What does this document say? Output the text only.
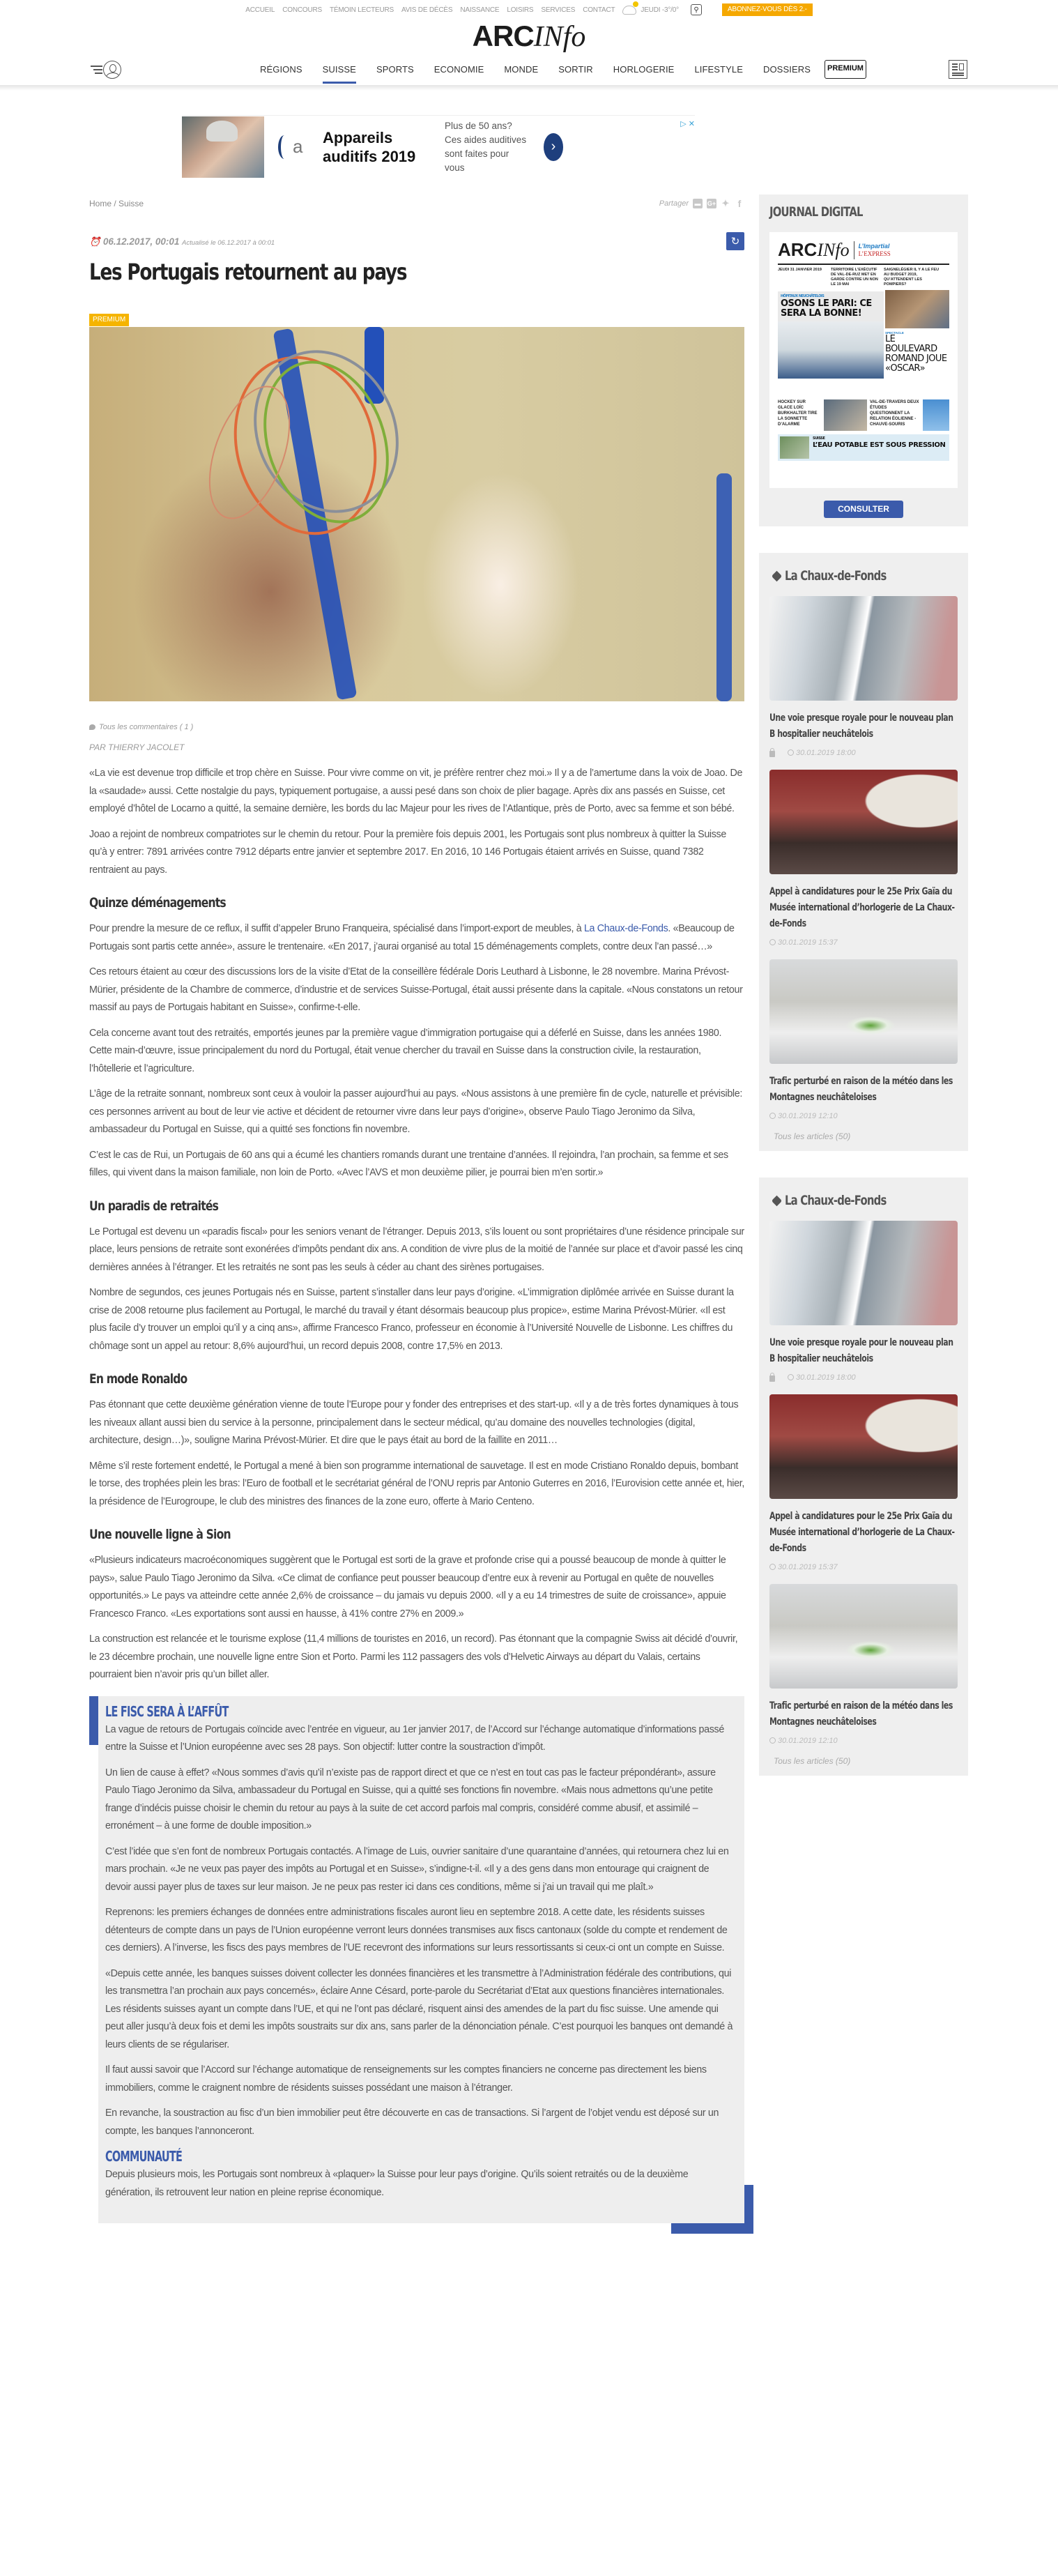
ACCUEIL CONCOURS TÉMOIN LECTEURS AVIS DE DÉCÈS NAISSANCE LOISIRS SERVICES CONTACT	JEUDI -3°/0° ⚲	ABONNEZ-VOUS DÈS 2.-
ARCINfo
RÉGIONS SUISSE SPORTS ECONOMIE MONDE SORTIR HORLOGERIE LIFESTYLE DOSSIERS	PREMIUM
a Appareils auditifs 2019
Plus de 50 ans? Ces aides auditives sont faites pour vous
›
▷ ✕
Home / Suisse	Partager ▬ G+ ✦ f
↻
⏰ 06.12.2017, 00:01 Actualisé le 06.12.2017 à 00:01
Les Portugais retournent au pays
PREMIUM
Tous les commentaires ( 1 )
PAR THIERRY JACOLET

«La vie est devenue trop difficile et trop chère en Suisse. Pour vivre comme on vit, je préfère rentrer chez moi.» Il y a de l’amertume dans la voix de Joao. De la «saudade» aussi. Cette nostalgie du pays, typiquement portugaise, a aussi pesé dans son choix de plier bagage. Après dix ans passés en Suisse, cet employé d’hôtel de Locarno a quitté, la semaine dernière, les bords du lac Majeur pour les rives de l’Atlantique, près de Porto, avec sa femme et son bébé.

Joao a rejoint de nombreux compatriotes sur le chemin du retour. Pour la première fois depuis 2001, les Portugais sont plus nombreux à quitter la Suisse qu’à y entrer: 7891 arrivées contre 7912 départs entre janvier et septembre 2017. En 2016, 10 146 Portugais étaient arrivés en Suisse, quand 7382 rentraient au pays.

Quinze déménagements

Pour prendre la mesure de ce reflux, il suffit d’appeler Bruno Franqueira, spécialisé dans l’import-export de meubles, à La Chaux-de-Fonds. «Beaucoup de Portugais sont partis cette année», assure le trentenaire. «En 2017, j’aurai organisé au total 15 déménagements complets, contre deux l’an passé…»

Ces retours étaient au cœur des discussions lors de la visite d’Etat de la conseillère fédérale Doris Leuthard à Lisbonne, le 28 novembre. Marina Prévost-Mürier, présidente de la Chambre de commerce, d’industrie et de services Suisse-Portugal, était aussi présente dans la capitale. «Nous constatons un retour massif au pays de Portugais habitant en Suisse», confirme-t-elle.

Cela concerne avant tout des retraités, emportés jeunes par la première vague d’immigration portugaise qui a déferlé en Suisse, dans les années 1980. Cette main-d’œuvre, issue principalement du nord du Portugal, était venue chercher du travail en Suisse dans la construction civile, la restauration, l’hôtellerie et l’agriculture.

L’âge de la retraite sonnant, nombreux sont ceux à vouloir la passer aujourd’hui au pays. «Nous assistons à une première fin de cycle, naturelle et prévisible: ces personnes arrivent au bout de leur vie active et décident de retourner vivre dans leur pays d’origine», observe Paulo Tiago Jeronimo da Silva, ambassadeur du Portugal en Suisse, qui a quitté ses fonctions fin novembre.

C’est le cas de Rui, un Portugais de 60 ans qui a écumé les chantiers romands durant une trentaine d’années. Il rejoindra, l’an prochain, sa femme et ses filles, qui vivent dans la maison familiale, non loin de Porto. «Avec l’AVS et mon deuxième pilier, je pourrai bien m’en sortir.»

Un paradis de retraités

Le Portugal est devenu un «paradis fiscal» pour les seniors venant de l’étranger. Depuis 2013, s’ils louent ou sont propriétaires d’une résidence principale sur place, leurs pensions de retraite sont exonérées d’impôts pendant dix ans. A condition de vivre plus de la moitié de l’année sur place et d’avoir passé les cinq dernières années à l’étranger. Et les retraités ne sont pas les seuls à céder au chant des sirènes portugaises.

Nombre de segundos, ces jeunes Portugais nés en Suisse, partent s’installer dans leur pays d’origine. «L’immigration diplômée arrivée en Suisse durant la crise de 2008 retourne plus facilement au Portugal, le marché du travail y étant désormais beaucoup plus propice», estime Marina Prévost-Mürier. «Il est plus facile d’y trouver un emploi qu’il y a cinq ans», affirme Francesco Franco, professeur en économie à l’Université Nouvelle de Lisbonne. Les chiffres du chômage sont un appel au retour: 8,6% aujourd’hui, un record depuis 2008, contre 17,5% en 2013.

En mode Ronaldo

Pas étonnant que cette deuxième génération vienne de toute l’Europe pour y fonder des entreprises et des start-up. «Il y a de très fortes dynamiques à tous les niveaux allant aussi bien du service à la personne, principalement dans le secteur médical, qu’au domaine des nouvelles technologies (digital, architecture, design…)», souligne Marina Prévost-Mürier. Et dire que le pays était au bord de la faillite en 2011…

Même s’il reste fortement endetté, le Portugal a mené à bien son programme international de sauvetage. Il est en mode Cristiano Ronaldo depuis, bombant le torse, des trophées plein les bras: l’Euro de football et le secrétariat général de l’ONU repris par Antonio Guterres en 2016, l’Eurovision cette année et, hier, la présidence de l’Eurogroupe, le club des ministres des finances de la zone euro, offerte à Mario Centeno.

Une nouvelle ligne à Sion

«Plusieurs indicateurs macroéconomiques suggèrent que le Portugal est sorti de la grave et profonde crise qui a poussé beaucoup de monde à quitter le pays», salue Paulo Tiago Jeronimo da Silva. «Ce climat de confiance peut pousser beaucoup d’entre eux à revenir au Portugal en quête de nouvelles opportunités.» Le pays va atteindre cette année 2,6% de croissance – du jamais vu depuis 2000. «Il y a eu 14 trimestres de suite de croissance», appuie Francesco Franco. «Les exportations sont aussi en hausse, à 41% contre 27% en 2009.»

La construction est relancée et le tourisme explose (11,4 millions de touristes en 2016, un record). Pas étonnant que la compagnie Swiss ait décidé d’ouvrir, le 23 décembre prochain, une nouvelle ligne entre Sion et Porto. Parmi les 112 passagers des vols d’Helvetic Airways au départ du Valais, certains pourraient bien n’avoir pris qu’un billet aller.

LE FISC SERA À L’AFFÛT

La vague de retours de Portugais coïncide avec l’entrée en vigueur, au 1er janvier 2017, de l’Accord sur l’échange automatique d’informations passé entre la Suisse et l’Union européenne avec ses 28 pays. Son objectif: lutter contre la soustraction d’impôt.

Un lien de cause à effet? «Nous sommes d’avis qu’il n’existe pas de rapport direct et que ce n’est en tout cas pas le facteur prépondérant», assure Paulo Tiago Jeronimo da Silva, ambassadeur du Portugal en Suisse, qui a quitté ses fonctions fin novembre. «Mais nous admettons qu’une petite frange d’indécis puisse choisir le chemin du retour au pays à la suite de cet accord parfois mal compris, considéré comme abusif, et assimilé – erronément – à une forme de double imposition.»

C’est l’idée que s’en font de nombreux Portugais contactés. A l’image de Luis, ouvrier sanitaire d’une quarantaine d’années, qui retournera chez lui en mars prochain. «Je ne veux pas payer des impôts au Portugal et en Suisse», s’indigne-t-il. «Il y a des gens dans mon entourage qui craignent de devoir aussi payer plus de taxes sur leur maison. Je ne peux pas rester ici dans ces conditions, même si j’ai un travail qui me plaît.»

Reprenons: les premiers échanges de données entre administrations fiscales auront lieu en septembre 2018. A cette date, les résidents suisses détenteurs de compte dans un pays de l’Union européenne verront leurs données transmises aux fiscs cantonaux (solde du compte et rendement de ces derniers). A l’inverse, les fiscs des pays membres de l’UE recevront des informations sur leurs ressortissants si ceux-ci ont un compte en Suisse.

«Depuis cette année, les banques suisses doivent collecter les données financières et les transmettre à l’Administration fédérale des contributions, qui les transmettra l’an prochain aux pays concernés», éclaire Anne Césard, porte-parole du Secrétariat d’Etat aux questions financières internationales. Les résidents suisses ayant un compte dans l’UE, et qui ne l’ont pas déclaré, risquent ainsi des amendes de la part du fisc suisse. Une amende qui peut aller jusqu’à deux fois et demi les impôts soustraits sur dix ans, sans parler de la dénonciation pénale. C’est pourquoi les banques ont demandé à leurs clients de se régulariser.

Il faut aussi savoir que l’Accord sur l’échange automatique de renseignements sur les comptes financiers ne concerne pas directement les biens immobiliers, comme le craignent nombre de résidents suisses possédant une maison à l’étranger.

En revanche, la soustraction au fisc d’un bien immobilier peut être découverte en cas de transactions. Si l’argent de l’objet vendu est déposé sur un compte, les banques l’annonceront.

COMMUNAUTÉ

Depuis plusieurs mois, les Portugais sont nombreux à «plaquer» la Suisse pour leur pays d’origine. Qu’ils soient retraités ou de la deuxième génération, ils retrouvent leur nation en pleine reprise économique.

JOURNAL DIGITAL
ARCINfo L’Impartial
L’EXPRESS
JEUDI 31 JANVIER 2019	TERRITOIRE L’EXÉCUTIF DE VAL-DE-RUZ MET EN GARDE CONTRE UN NON LE 19 MAI
SAIGNELÉGIER IL Y A LE FEU AU BUDGET 2019, QU’ATTENDENT LES POMPIERS?
HÔPITAUX NEUCHÂTELOIS
OSONS LE PARI: CE SERA LA BONNE!
SPECTACLE
LE BOULEVARD ROMAND JOUE «OSCAR»
HOCKEY SUR GLACE LOÏC BURKHALTER TIRE LA SONNETTE D’ALARME
VAL-DE-TRAVERS DEUX ÉTUDES QUESTIONNENT LA RELATION ÉOLIENNE - CHAUVE-SOURIS
SUISSE
L’EAU POTABLE EST SOUS PRESSION
CONSULTER
La Chaux-de-Fonds
Une voie presque royale pour le nouveau plan B hospitalier neuchâtelois
30.01.2019 18:00
Appel à candidatures pour le 25e Prix Gaïa du Musée international d’horlogerie de La Chaux-de-Fonds
30.01.2019 15:37
Trafic perturbé en raison de la météo dans les Montagnes neuchâteloises
30.01.2019 12:10
Tous les articles (50)
La Chaux-de-Fonds
Une voie presque royale pour le nouveau plan B hospitalier neuchâtelois
30.01.2019 18:00
Appel à candidatures pour le 25e Prix Gaïa du Musée international d’horlogerie de La Chaux-de-Fonds
30.01.2019 15:37
Trafic perturbé en raison de la météo dans les Montagnes neuchâteloises
30.01.2019 12:10
Tous les articles (50)
